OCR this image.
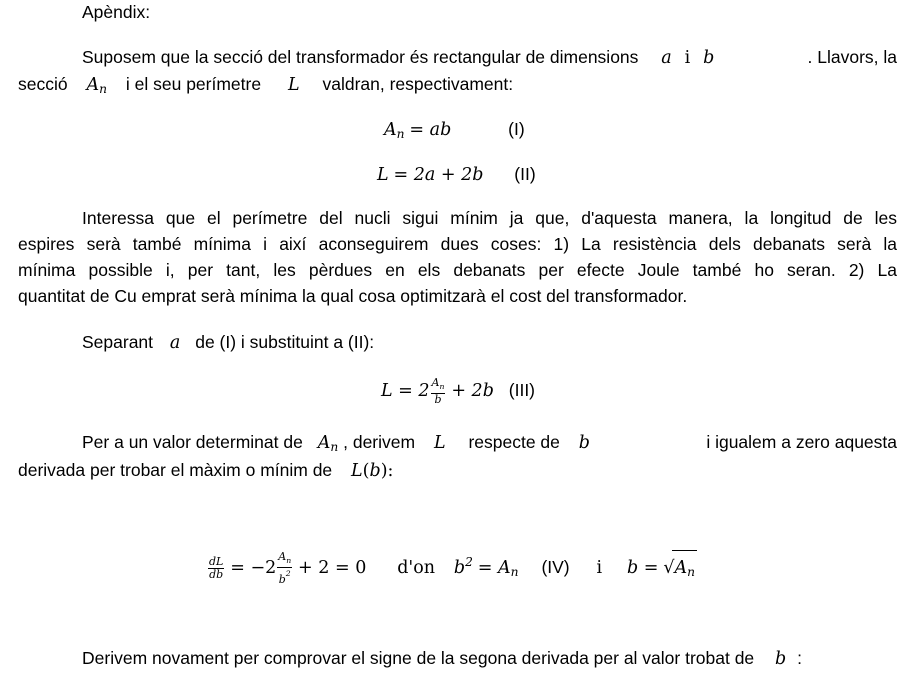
Apèndix:
Suposem que la secció del transformador és rectangular de dimensions a i b	. Llavors, la
secció $A_n$ i el seu perímetre L valdran, respectivament:
$A_n$ = ab	(I)
L = 2a + 2b (II)
Interessa que el perímetre del nucli sigui mínim ja que, d'aquesta manera, la longitud de les
espires serà també mínima i així aconseguirem dues coses: 1) La resistència dels debanats serà la
mínima possible i, per tant, les pèrdues en els debanats per efecte Joule també ho seran. 2) La
quantitat de Cu emprat serà mínima la qual cosa optimitzarà el cost del transformador.
Separant a de (I) i substituint a (II):
$L = 2 \frac{A_n}{b} + 2b$ (III)
Per a un valor determinat de $A_n$ , derivem L respecte de b	i igualem a zero aquesta
derivada per trobar el màxim o mínim de L(b):
$\frac{dL}{db} = -2 \frac{A_n}{b^2} + 2 = 0$ d'on $b^2 = A_n$ (IV) i $b = √A_n$
Derivem novament per comprovar el signe de la segona derivada per al valor trobat de b :
